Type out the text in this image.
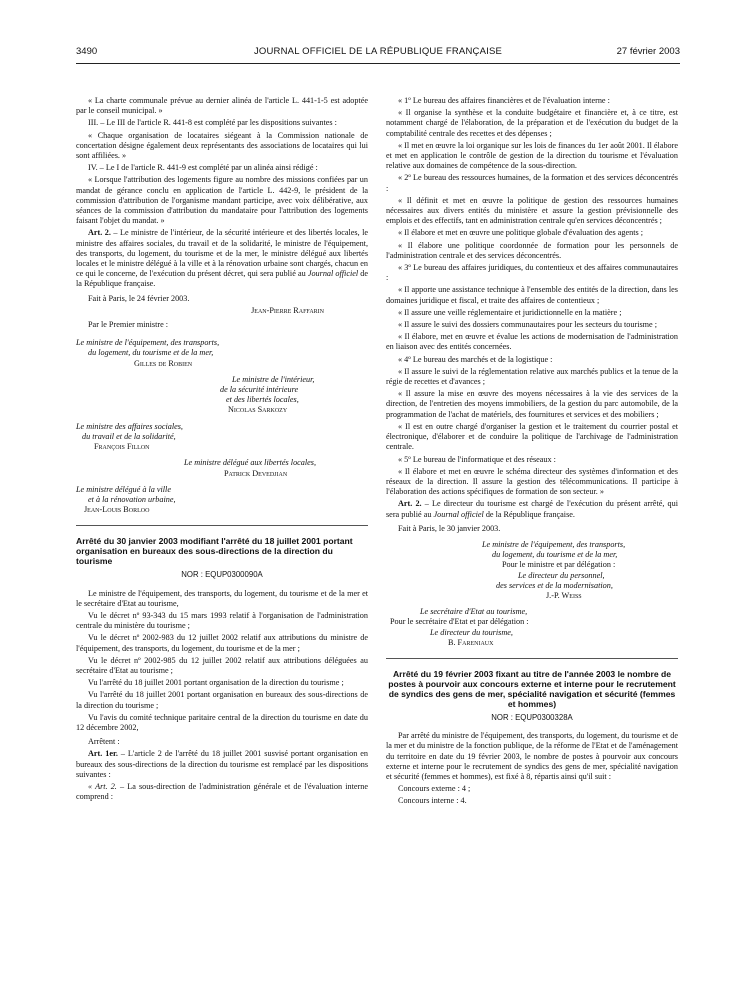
3490	JOURNAL OFFICIEL DE LA RÉPUBLIQUE FRANÇAISE	27 février 2003

« La charte communale prévue au dernier alinéa de l'article L. 441-1-5 est adoptée par le conseil municipal. »

III. – Le III de l'article R. 441-8 est complété par les dispositions suivantes :

« Chaque organisation de locataires siégeant à la Commission nationale de concertation désigne également deux représentants des associations de locataires qui lui sont affiliées. »

IV. – Le I de l'article R. 441-9 est complété par un alinéa ainsi rédigé :

« Lorsque l'attribution des logements figure au nombre des missions confiées par un mandat de gérance conclu en application de l'article L. 442-9, le président de la commission d'attribution de l'organisme mandant participe, avec voix délibérative, aux séances de la commission d'attribution du mandataire pour l'attribution des logements faisant l'objet du mandat. »

Art. 2. – Le ministre de l'intérieur, de la sécurité intérieure et des libertés locales, le ministre des affaires sociales, du travail et de la solidarité, le ministre de l'équipement, des transports, du logement, du tourisme et de la mer, le ministre délégué aux libertés locales et le ministre délégué à la ville et à la rénovation urbaine sont chargés, chacun en ce qui le concerne, de l'exécution du présent décret, qui sera publié au Journal officiel de la République française.

Fait à Paris, le 24 février 2003.

Jean-Pierre Raffarin
Par le Premier ministre :
Le ministre de l'équipement, des transports,
du logement, du tourisme et de la mer,
Gilles de Robien
Le ministre de l'intérieur,
de la sécurité intérieure
et des libertés locales,
Nicolas Sarkozy
Le ministre des affaires sociales,
du travail et de la solidarité,
François Fillon
Le ministre délégué aux libertés locales,
Patrick Devedjian
Le ministre délégué à la ville
et à la rénovation urbaine,
Jean-Louis Borloo

Arrêté du 30 janvier 2003 modifiant l'arrêté du 18 juillet 2001 portant organisation en bureaux des sous-directions de la direction du tourisme

NOR : EQUP0300090A

Le ministre de l'équipement, des transports, du logement, du tourisme et de la mer et le secrétaire d'Etat au tourisme,

Vu le décret nº 93-343 du 15 mars 1993 relatif à l'organisation de l'administration centrale du ministère du tourisme ;

Vu le décret nº 2002-983 du 12 juillet 2002 relatif aux attributions du ministre de l'équipement, des transports, du logement, du tourisme et de la mer ;

Vu le décret nº 2002-985 du 12 juillet 2002 relatif aux attributions déléguées au secrétaire d'Etat au tourisme ;

Vu l'arrêté du 18 juillet 2001 portant organisation de la direction du tourisme ;

Vu l'arrêté du 18 juillet 2001 portant organisation en bureaux des sous-directions de la direction du tourisme ;

Vu l'avis du comité technique paritaire central de la direction du tourisme en date du 12 décembre 2002,

Arrêtent :

Art. 1er. – L'article 2 de l'arrêté du 18 juillet 2001 susvisé portant organisation en bureaux des sous-directions de la direction du tourisme est remplacé par les dispositions suivantes :

« Art. 2. – La sous-direction de l'administration générale et de l'évaluation interne comprend :

« 1º Le bureau des affaires financières et de l'évaluation interne :

« Il organise la synthèse et la conduite budgétaire et financière et, à ce titre, est notamment chargé de l'élaboration, de la préparation et de l'exécution du budget de la comptabilité centrale des recettes et des dépenses ;

« Il met en œuvre la loi organique sur les lois de finances du 1er août 2001. Il élabore et met en application le contrôle de gestion de la direction du tourisme et l'évaluation relative aux domaines de compétence de la sous-direction.

« 2º Le bureau des ressources humaines, de la formation et des services déconcentrés :

« Il définit et met en œuvre la politique de gestion des ressources humaines nécessaires aux divers entités du ministère et assure la gestion prévisionnelle des emplois et des effectifs, tant en administration centrale qu'en services déconcentrés ;

« Il élabore et met en œuvre une politique globale d'évaluation des agents ;

« Il élabore une politique coordonnée de formation pour les personnels de l'administration centrale et des services déconcentrés.

« 3º Le bureau des affaires juridiques, du contentieux et des affaires communautaires :

« Il apporte une assistance technique à l'ensemble des entités de la direction, dans les domaines juridique et fiscal, et traite des affaires de contentieux ;

« Il assure une veille réglementaire et juridictionnelle en la matière ;

« Il assure le suivi des dossiers communautaires pour les secteurs du tourisme ;

« Il élabore, met en œuvre et évalue les actions de modernisation de l'administration en liaison avec des entités concernées.

« 4º Le bureau des marchés et de la logistique :

« Il assure le suivi de la réglementation relative aux marchés publics et la tenue de la régie de recettes et d'avances ;

« Il assure la mise en œuvre des moyens nécessaires à la vie des services de la direction, de l'entretien des moyens immobiliers, de la gestion du parc automobile, de la programmation de l'achat de matériels, des fournitures et services et des mobiliers ;

« Il est en outre chargé d'organiser la gestion et le traitement du courrier postal et électronique, d'élaborer et de conduire la politique de l'archivage de l'administration centrale.

« 5º Le bureau de l'informatique et des réseaux :

« Il élabore et met en œuvre le schéma directeur des systèmes d'information et des réseaux de la direction. Il assure la gestion des télécommunications. Il participe à l'élaboration des actions spécifiques de formation de son secteur. »

Art. 2. – Le directeur du tourisme est chargé de l'exécution du présent arrêté, qui sera publié au Journal officiel de la République française.

Fait à Paris, le 30 janvier 2003.

Le ministre de l'équipement, des transports,
du logement, du tourisme et de la mer,
Pour le ministre et par délégation :
Le directeur du personnel,
des services et de la modernisation,
J.-P. Weiss
Le secrétaire d'Etat au tourisme,
Pour le secrétaire d'Etat et par délégation :
Le directeur du tourisme,
B. Fareniaux

Arrêté du 19 février 2003 fixant au titre de l'année 2003 le nombre de postes à pourvoir aux concours externe et interne pour le recrutement de syndics des gens de mer, spécialité navigation et sécurité (femmes et hommes)

NOR : EQUP0300328A

Par arrêté du ministre de l'équipement, des transports, du logement, du tourisme et de la mer et du ministre de la fonction publique, de la réforme de l'Etat et de l'aménagement du territoire en date du 19 février 2003, le nombre de postes à pourvoir aux concours externe et interne pour le recrutement de syndics des gens de mer, spécialité navigation et sécurité (femmes et hommes), est fixé à 8, répartis ainsi qu'il suit :

Concours externe : 4 ;

Concours interne : 4.
